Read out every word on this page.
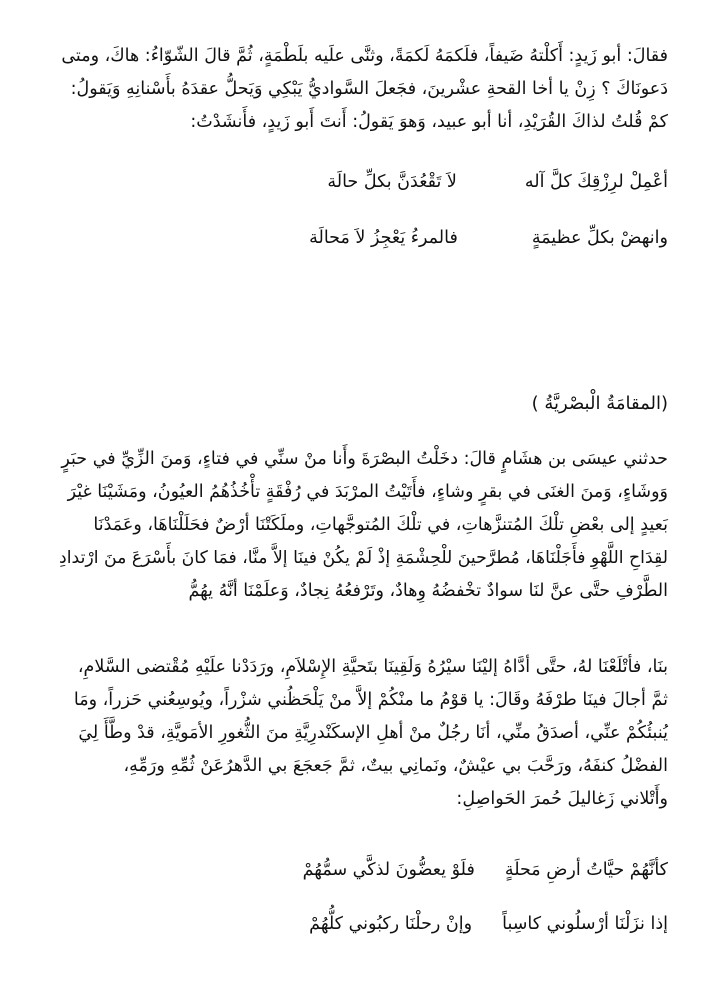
فقالَ: أبو زَيدٍ: أَكلْتهُ ضَيفاً، فلَكمَهُ لَكمَةً، وثنَّى علَيه بلَطْمَةٍ، ثُمَّ قالَ الشّوّاءُ: هاكَ، ومتى
دَعونَاكَ ؟ زِنْ يا أخا القحةِ عشْرينَ، فجَعلَ السَّواديُّ يَبْكِي وَيَحلُّ عقدَهُ بأَسْنانِهِ وَيَقولُ:
كمْ قُلتُ لذاكَ القُرَيْدِ، أنا أبو عبيد، وَهوَ يَقولُ: أَنتَ أَبو زَيدٍ، فأَنشَدْتُ:
أعْمِلْ لرِزْقِكَ كلَّ آله
لاَ تَقْعُدَنَّ بكلِّ حالَة
وانهضْ بكلِّ عظيمَةٍ
فالمرءُ يَعْجِزُ لاَ مَحالَة
(المقامَةُ الْبصْريَّةُ )
حدثني عيسَى بن هشَامٍ قالَ: دخَلْتُ البصْرَةَ وأَنا منْ سنِّي في فتاءٍ، وَمنَ الزِّيِّ في حبَرٍ
وَوشَاءٍ، وَمنَ الغنَى في بقرٍ وشاءٍ، فأَتَيْتُ المرْبَدَ في رُفْقَةٍ تأْخُذُهُمُ العيُونُ، ومَشَيْنَا غيْرَ
بَعيدٍ إلى بعْضِ تلْكَ المُتنزَّهاتِ، في تلْكَ المُتوجَّهاتِ، وملَكَتْنَا أرْضٌ فحَلَلْنَاهَا، وعَمَدْنَا
لقِدَاحِ اللَّهْوِ فأَجَلْنَاهَا، مُطرَّحينَ للْحِشْمَةِ إذْ لَمْ يكُنْ فينَا إلاَّ منَّا، فمَا كانَ بأَسْرَعَ منَ ارْتدادِ
الطَّرْفِ حتَّى عنَّ لنَا سوادٌ تخْفضُهُ وِهادٌ، وتَرْفعُهُ نِجادٌ، وَعلَمْنَا أنَّهُ يهُمُّ
بنَا، فأتْلَعْنَا لهُ، حتَّى أدَّاهُ إليْنَا سيْرُهُ وَلَقِينَا بتَحيَّةِ الإِسْلاَمِ، ورَدَدْنا علَيْهِ مُقْتضى السَّلامِ،
ثمَّ أجالَ فينَا طرْفَهُ وقَالَ: يا قوْمُ ما منْكُمْ إلاَّ منْ يَلْحَظُني شزْراً، ويُوسِعُني حَزراً، ومَا
يُنبئُكُمْ عنِّي، أصدَقُ منِّي، أنَا رجُلٌ منْ أهلِ الإسكَنْدرِيَّةِ منَ الثُّغورِ الأمَويَّةِ، قدْ وطَّأَ لِيَ
الفضْلُ كنفَهُ، ورَحَّبَ بي عيْشٌ، ونَمانِي بيتٌ، ثمَّ جَعجَعَ بي الدَّهرُعَنْ ثُمِّهِ ورَمِّهِ،
وأَتْلاني زَغاليلَ حُمرَ الحَواصِلِ:
كأنَّهُمْ حيَّاتُ أرضِ مَحلَةٍ
فلَوْ يعضُّونَ لذكَّي سمُّهُمْ
إذا نزَلْنَا أرْسلُوني كاسِباً
وإنْ رحلْنَا ركبُوني كلُّهُمْ
